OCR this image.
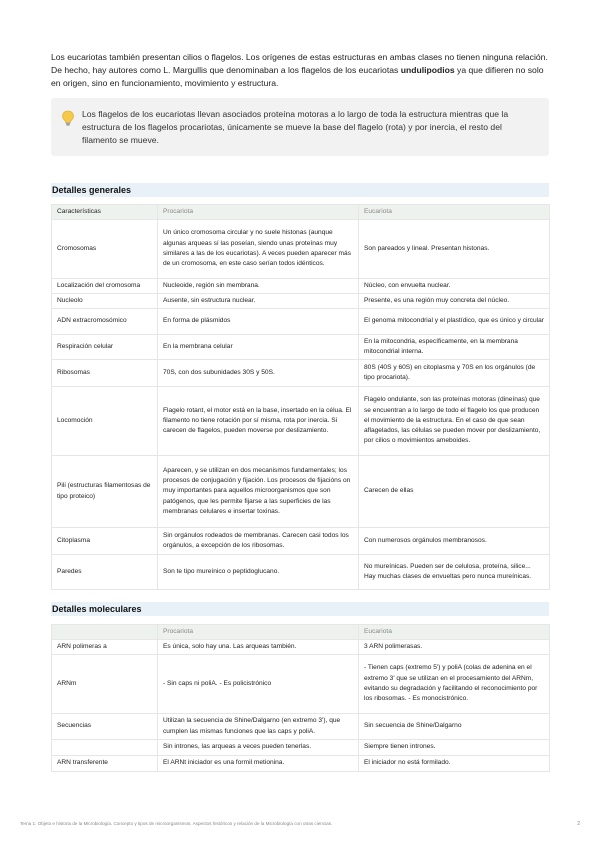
Los eucariotas también presentan cilios o flagelos. Los orígenes de estas estructuras en ambas clases no tienen ninguna relación. De hecho, hay autores como L. Margullis que denominaban a los flagelos de los eucariotas undulipodios ya que difieren no solo en origen, sino en funcionamiento, movimiento y estructura.
Los flagelos de los eucariotas llevan asociados proteína motoras a lo largo de toda la estructura mientras que la estructura de los flagelos procariotas, únicamente se mueve la base del flagelo (rota) y por inercia, el resto del filamento se mueve.
Detalles generales
Características	Procariota	Eucariota
Cromosomas	Un único cromosoma circular y no suele histonas (aunque algunas arqueas sí las poseían, siendo unas proteínas muy similares a las de los eucariotas). A veces pueden aparecer más de un cromosoma, en este caso serían todos idénticos.	Son pareados y lineal. Presentan histonas.
Localización del cromosoma	Nucleoide, región sin membrana.	Núcleo, con envuelta nuclear.
Nucleolo	Ausente, sin estructura nuclear.	Presente, es una región muy concreta del núcleo.
ADN extracromosómico	En forma de plásmidos	El genoma mitocondrial y el plastídico, que es único y circular
Respiración celular	En la membrana celular	En la mitocondria, específicamente, en la membrana mitocondrial interna.
Ribosomas	70S, con dos subunidades 30S y 50S.	80S (40S y 60S) en citoplasma y 70S en los orgánulos (de tipo procariota).
Locomoción	Flagelo rotant, el motor está en la base, insertado en la célua. El filamento no tiene rotación por sí misma, rota por inercia. Si carecen de flagelos, pueden moverse por deslizamiento.	Flagelo ondulante, son las proteínas motoras (dineínas) que se encuentran a lo largo de todo el flagelo los que producen el movimiento de la estructura. En el caso de que sean aflagelados, las células se pueden mover por deslizamiento, por cilios o movimientos ameboides.
Pili (estructuras filamentosas de tipo proteico)	Aparecen, y se utilizan en dos mecanismos fundamentales; los procesos de conjugación y fijación. Los procesos de fijacións on muy importantes para aquellos microorganismos que son patógenos, que les permite fijarse a las superficies de las membranas celulares e insertar toxinas.	Carecen de ellas
Citoplasma	Sin orgánulos rodeados de membranas. Carecen casi todos los orgánulos, a excepción de los ribosomas.	Con numerosos orgánulos membranosos.
Paredes	Son te tipo mureínico o peptidoglucano.	No mureínicas. Pueden ser de celulosa, proteína, silice... Hay muchas clases de envueltas pero nunca mureínicas.
Detalles moleculares
	Procariota	Eucariota
ARN polimeras a	Es única, solo hay una. Las arqueas también.	3 ARN polimerasas.
ARNm	- Sin caps ni poliA. - Es policistrónico	- Tienen caps (extremo 5') y poliA (colas de adenina en el extremo 3' que se utilizan en el procesamiento del ARNm, evitando su degradación y facilitando el reconocimiento por los ribosomas. - Es monocistrónico.
Secuencias	Utilizan la secuencia de Shine/Dalgarno (en extremo 3'), que cumplen las mismas funciones que las caps y poliA.	Sin secuencia de Shine/Dalgarno
	Sin intrones, las arqueas a veces pueden tenerlas.	Siempre tienen intrones.
ARN transferente	El ARNt iniciador es una formil metionina.	El iniciador no está formilado.
Tema 1: Objeto e historia de la Microbiología. Concepto y tipos de microorganismos. Aspectos históricos y relación de la Microbiología con otras ciencias.	2
